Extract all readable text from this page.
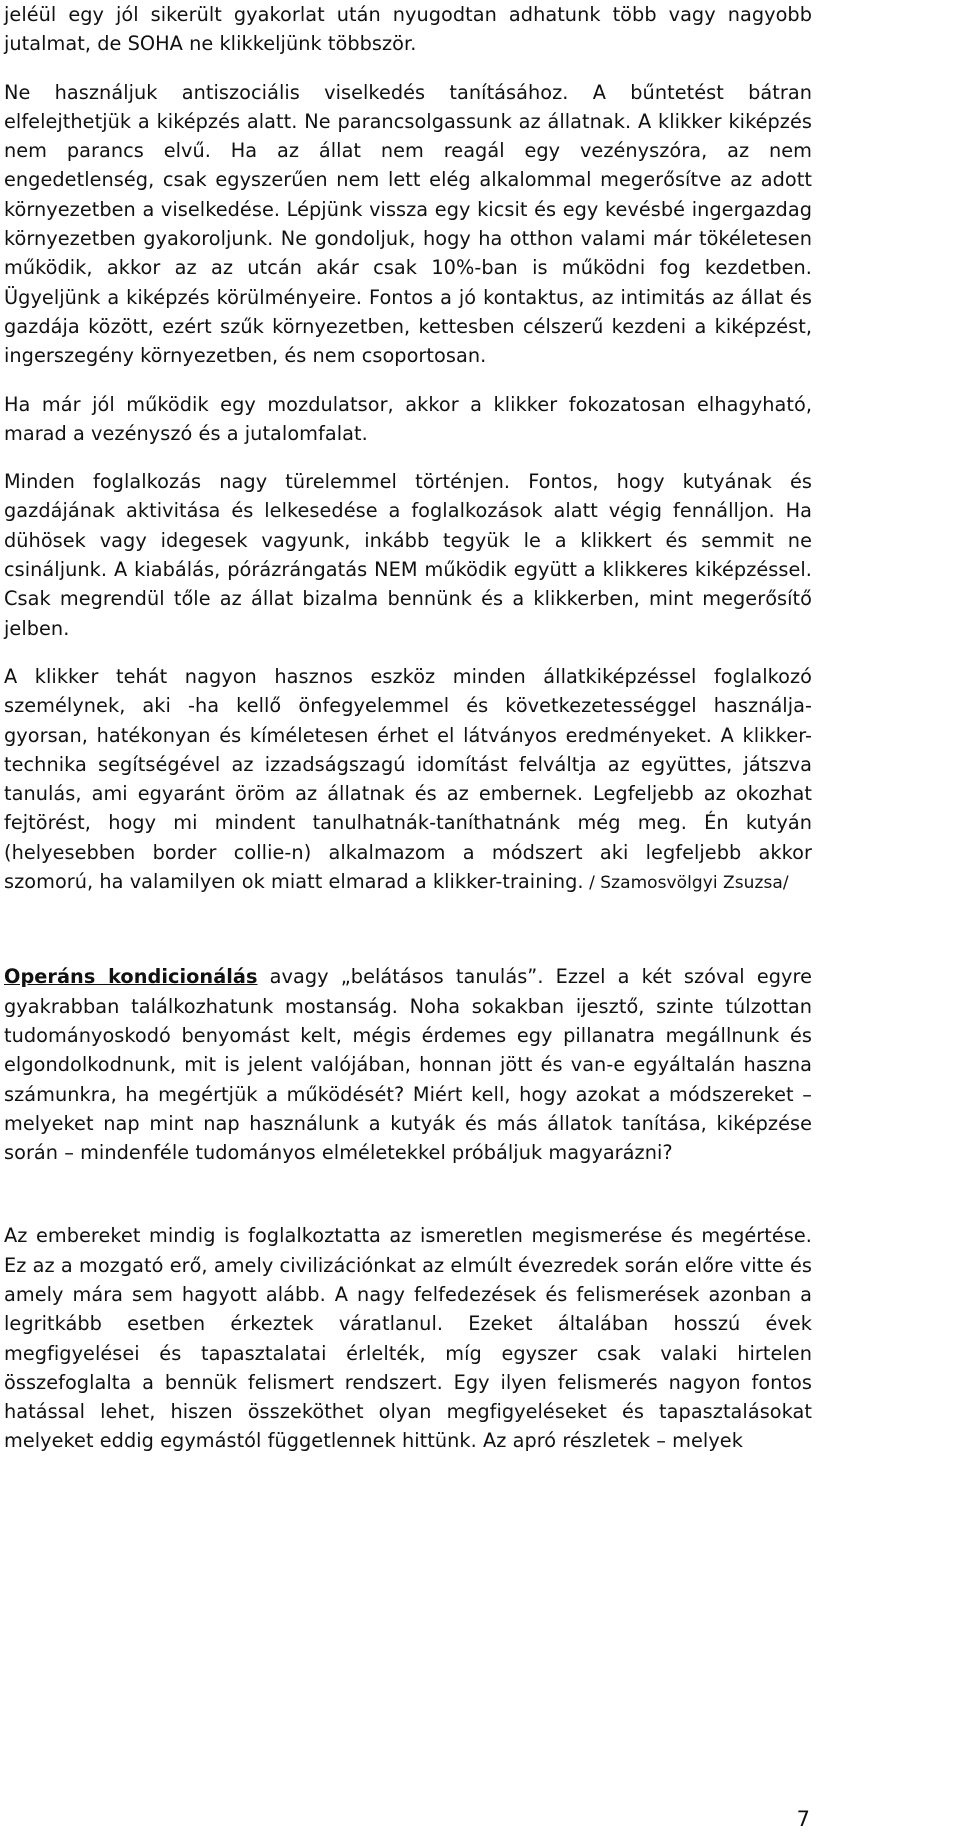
jeléül egy jól sikerült gyakorlat után nyugodtan adhatunk több vagy nagyobb jutalmat, de SOHA ne klikkeljünk többször.

Ne használjuk antiszociális viselkedés tanításához. A bűntetést bátran elfelejthetjük a kiképzés alatt. Ne parancsolgassunk az állatnak. A klikker kiképzés nem parancs elvű. Ha az állat nem reagál egy vezényszóra, az nem engedetlenség, csak egyszerűen nem lett elég alkalommal megerősítve az adott környezetben a viselkedése. Lépjünk vissza egy kicsit és egy kevésbé ingergazdag környezetben gyakoroljunk. Ne gondoljuk, hogy ha otthon valami már tökéletesen működik, akkor az az utcán akár csak 10%-ban is működni fog kezdetben. Ügyeljünk a kiképzés körülményeire. Fontos a jó kontaktus, az intimitás az állat és gazdája között, ezért szűk környezetben, kettesben célszerű kezdeni a kiképzést, ingerszegény környezetben, és nem csoportosan.

Ha már jól működik egy mozdulatsor, akkor a klikker fokozatosan elhagyható, marad a vezényszó és a jutalomfalat.

Minden foglalkozás nagy türelemmel történjen. Fontos, hogy kutyának és gazdájának aktivitása és lelkesedése a foglalkozások alatt végig fennálljon. Ha dühösek vagy idegesek vagyunk, inkább tegyük le a klikkert és semmit ne csináljunk. A kiabálás, pórázrángatás NEM működik együtt a klikkeres kiképzéssel. Csak megrendül tőle az állat bizalma bennünk és a klikkerben, mint megerősítő jelben.

A klikker tehát nagyon hasznos eszköz minden állatkiképzéssel foglalkozó személynek, aki -ha kellő önfegyelemmel és következetességgel használja-gyorsan, hatékonyan és kíméletesen érhet el látványos eredményeket. A klikker-technika segítségével az izzadságszagú idomítást felváltja az együttes, játszva tanulás, ami egyaránt öröm az állatnak és az embernek. Legfeljebb az okozhat fejtörést, hogy mi mindent tanulhatnák-taníthatnánk még meg. Én kutyán (helyesebben border collie-n) alkalmazom a módszert aki legfeljebb akkor szomorú, ha valamilyen ok miatt elmarad a klikker-training. / Szamosvölgyi Zsuzsa/

Operáns kondicionálás avagy „belátásos tanulás”. Ezzel a két szóval egyre gyakrabban találkozhatunk mostanság. Noha sokakban ijesztő, szinte túlzottan tudományoskodó benyomást kelt, mégis érdemes egy pillanatra megállnunk és elgondolkodnunk, mit is jelent valójában, honnan jött és van-e egyáltalán haszna számunkra, ha megértjük a működését? Miért kell, hogy azokat a módszereket – melyeket nap mint nap használunk a kutyák és más állatok tanítása, kiképzése során – mindenféle tudományos elméletekkel próbáljuk magyarázni?

Az embereket mindig is foglalkoztatta az ismeretlen megismerése és megértése. Ez az a mozgató erő, amely civilizációnkat az elmúlt évezredek során előre vitte és amely mára sem hagyott alább. A nagy felfedezések és felismerések azonban a legritkább esetben érkeztek váratlanul. Ezeket általában hosszú évek megfigyelései és tapasztalatai érlelték, míg egyszer csak valaki hirtelen összefoglalta a bennük felismert rendszert. Egy ilyen felismerés nagyon fontos hatással lehet, hiszen összeköthet olyan megfigyeléseket és tapasztalásokat melyeket eddig egymástól függetlennek hittünk. Az apró részletek – melyek

7
